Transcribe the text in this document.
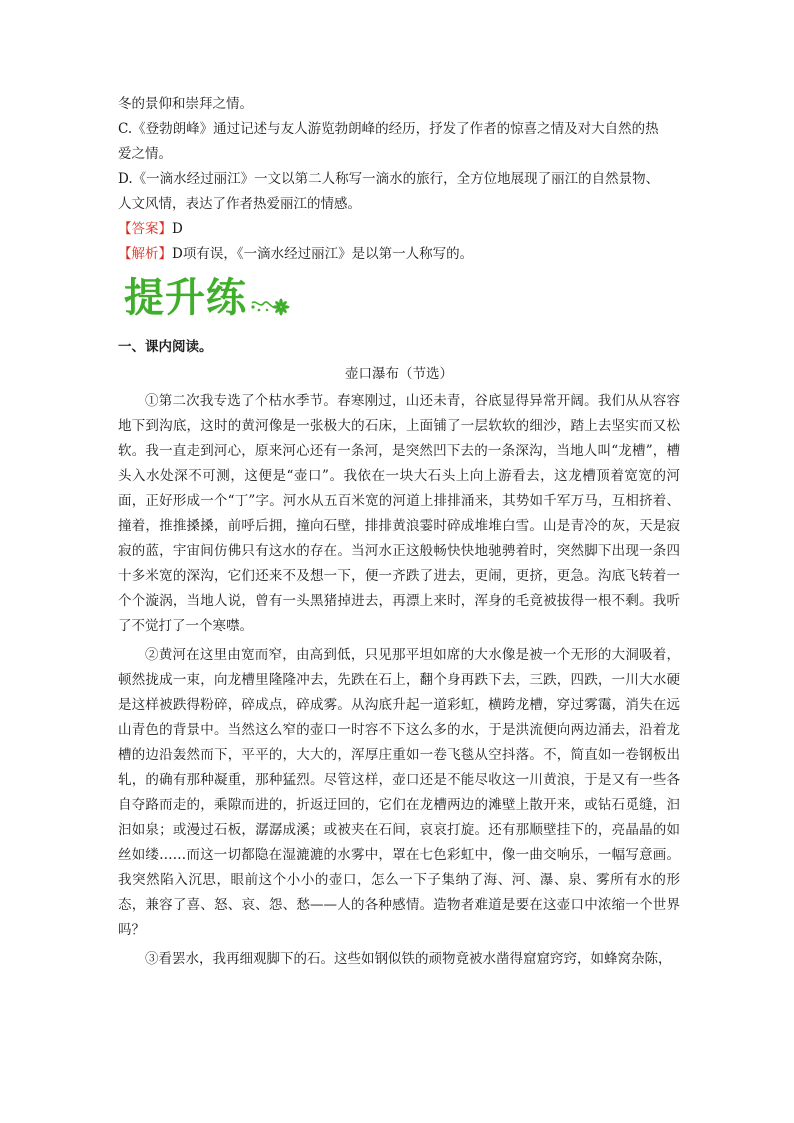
冬的景仰和崇拜之情。

C.《登勃朗峰》通过记述与友人游览勃朗峰的经历，抒发了作者的惊喜之情及对大自然的热

爱之情。

D.《一滴水经过丽江》一文以第二人称写一滴水的旅行，全方位地展现了丽江的自然景物、

人文风情，表达了作者热爱丽江的情感。

【答案】D

【解析】D项有误，《一滴水经过丽江》是以第一人称写的。

提升练

一、课内阅读。

壶口瀑布（节选）

①第二次我专选了个枯水季节。春寒刚过，山还未青，谷底显得异常开阔。我们从从容容地下到沟底，这时的黄河像是一张极大的石床，上面铺了一层软软的细沙，踏上去坚实而又松软。我一直走到河心，原来河心还有一条河，是突然凹下去的一条深沟，当地人叫“龙槽”，槽头入水处深不可测，这便是“壶口”。我依在一块大石头上向上游看去，这龙槽顶着宽宽的河面，正好形成一个“丁”字。河水从五百米宽的河道上排排涌来，其势如千军万马，互相挤着、撞着，推推搡搡，前呼后拥，撞向石壁，排排黄浪霎时碎成堆堆白雪。山是青冷的灰，天是寂寂的蓝，宇宙间仿佛只有这水的存在。当河水正这般畅快快地驰骋着时，突然脚下出现一条四十多米宽的深沟，它们还来不及想一下，便一齐跌了进去，更闹，更挤，更急。沟底飞转着一个个漩涡，当地人说，曾有一头黑猪掉进去，再漂上来时，浑身的毛竟被拔得一根不剩。我听了不觉打了一个寒噤。

②黄河在这里由宽而窄，由高到低，只见那平坦如席的大水像是被一个无形的大洞吸着，顿然拢成一束，向龙槽里隆隆冲去，先跌在石上，翻个身再跌下去，三跌，四跌，一川大水硬是这样被跌得粉碎，碎成点，碎成雾。从沟底升起一道彩虹，横跨龙槽，穿过雾霭，消失在远山青色的背景中。当然这么窄的壶口一时容不下这么多的水，于是洪流便向两边涌去，沿着龙槽的边沿轰然而下，平平的，大大的，浑厚庄重如一卷飞毯从空抖落。不，简直如一卷钢板出轧，的确有那种凝重，那种猛烈。尽管这样，壶口还是不能尽收这一川黄浪，于是又有一些各自夺路而走的，乘隙而进的，折返迂回的，它们在龙槽两边的滩壁上散开来，或钻石觅缝，汩汩如泉；或漫过石板，潺潺成溪；或被夹在石间，哀哀打旋。还有那顺壁挂下的，亮晶晶的如丝如缕……而这一切都隐在湿漉漉的水雾中，罩在七色彩虹中，像一曲交响乐，一幅写意画。我突然陷入沉思，眼前这个小小的壶口，怎么一下子集纳了海、河、瀑、泉、雾所有水的形态，兼容了喜、怒、哀、怨、愁——人的各种感情。造物者难道是要在这壶口中浓缩一个世界吗？

③看罢水，我再细观脚下的石。这些如钢似铁的顽物竟被水凿得窟窟窍窍，如蜂窝杂陈，
